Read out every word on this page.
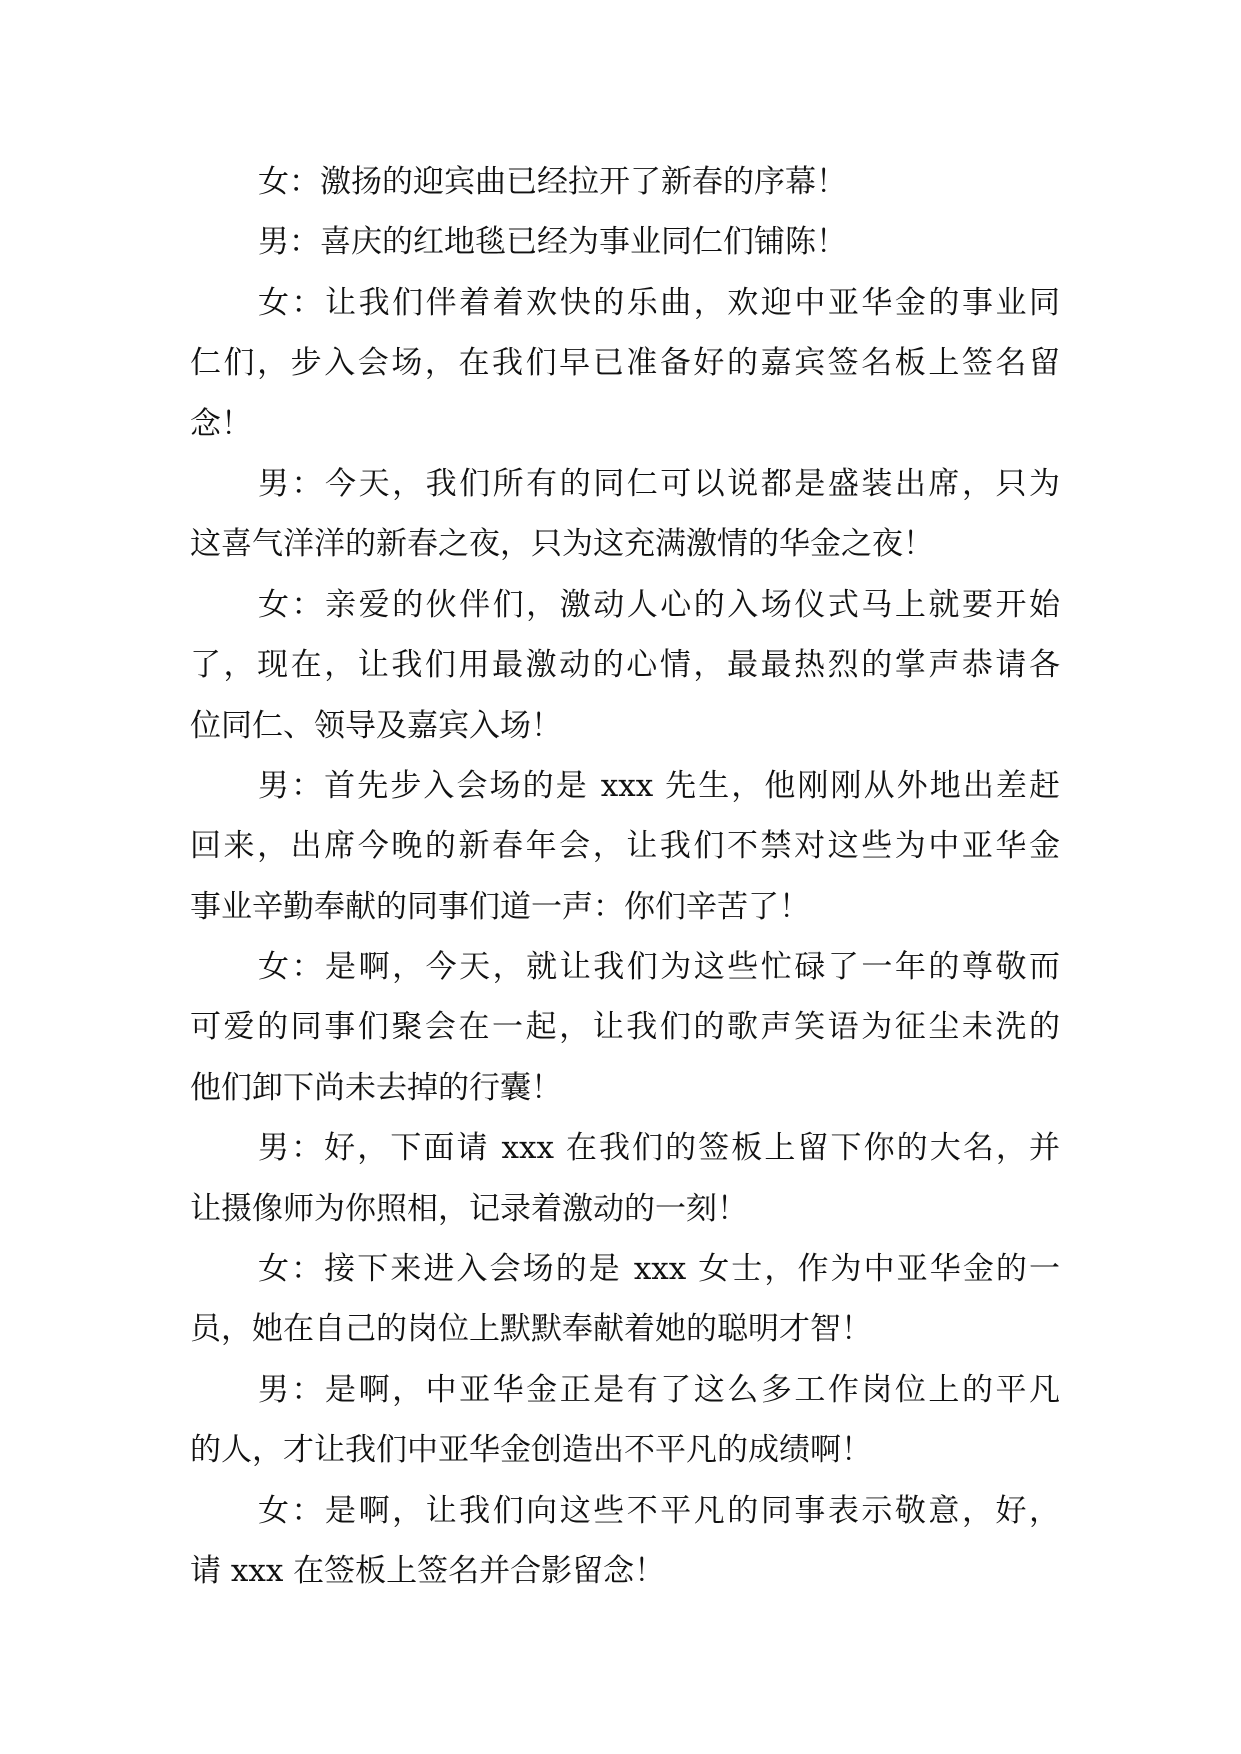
女：激扬的迎宾曲已经拉开了新春的序幕！
男：喜庆的红地毯已经为事业同仁们铺陈！
女：让我们伴着着欢快的乐曲，欢迎中亚华金的事业同
仁们，步入会场，在我们早已准备好的嘉宾签名板上签名留
念！
男：今天，我们所有的同仁可以说都是盛装出席，只为
这喜气洋洋的新春之夜，只为这充满激情的华金之夜！
女：亲爱的伙伴们，激动人心的入场仪式马上就要开始
了，现在，让我们用最激动的心情，最最热烈的掌声恭请各
位同仁、领导及嘉宾入场！
男：首先步入会场的是 xxx 先生，他刚刚从外地出差赶
回来，出席今晚的新春年会，让我们不禁对这些为中亚华金
事业辛勤奉献的同事们道一声：你们辛苦了！
女：是啊，今天，就让我们为这些忙碌了一年的尊敬而
可爱的同事们聚会在一起，让我们的歌声笑语为征尘未洗的
他们卸下尚未去掉的行囊！
男：好，下面请 xxx 在我们的签板上留下你的大名，并
让摄像师为你照相，记录着激动的一刻！
女：接下来进入会场的是 xxx 女士，作为中亚华金的一
员，她在自己的岗位上默默奉献着她的聪明才智！
男：是啊，中亚华金正是有了这么多工作岗位上的平凡
的人，才让我们中亚华金创造出不平凡的成绩啊！
女：是啊，让我们向这些不平凡的同事表示敬意，好，
请 xxx 在签板上签名并合影留念！
